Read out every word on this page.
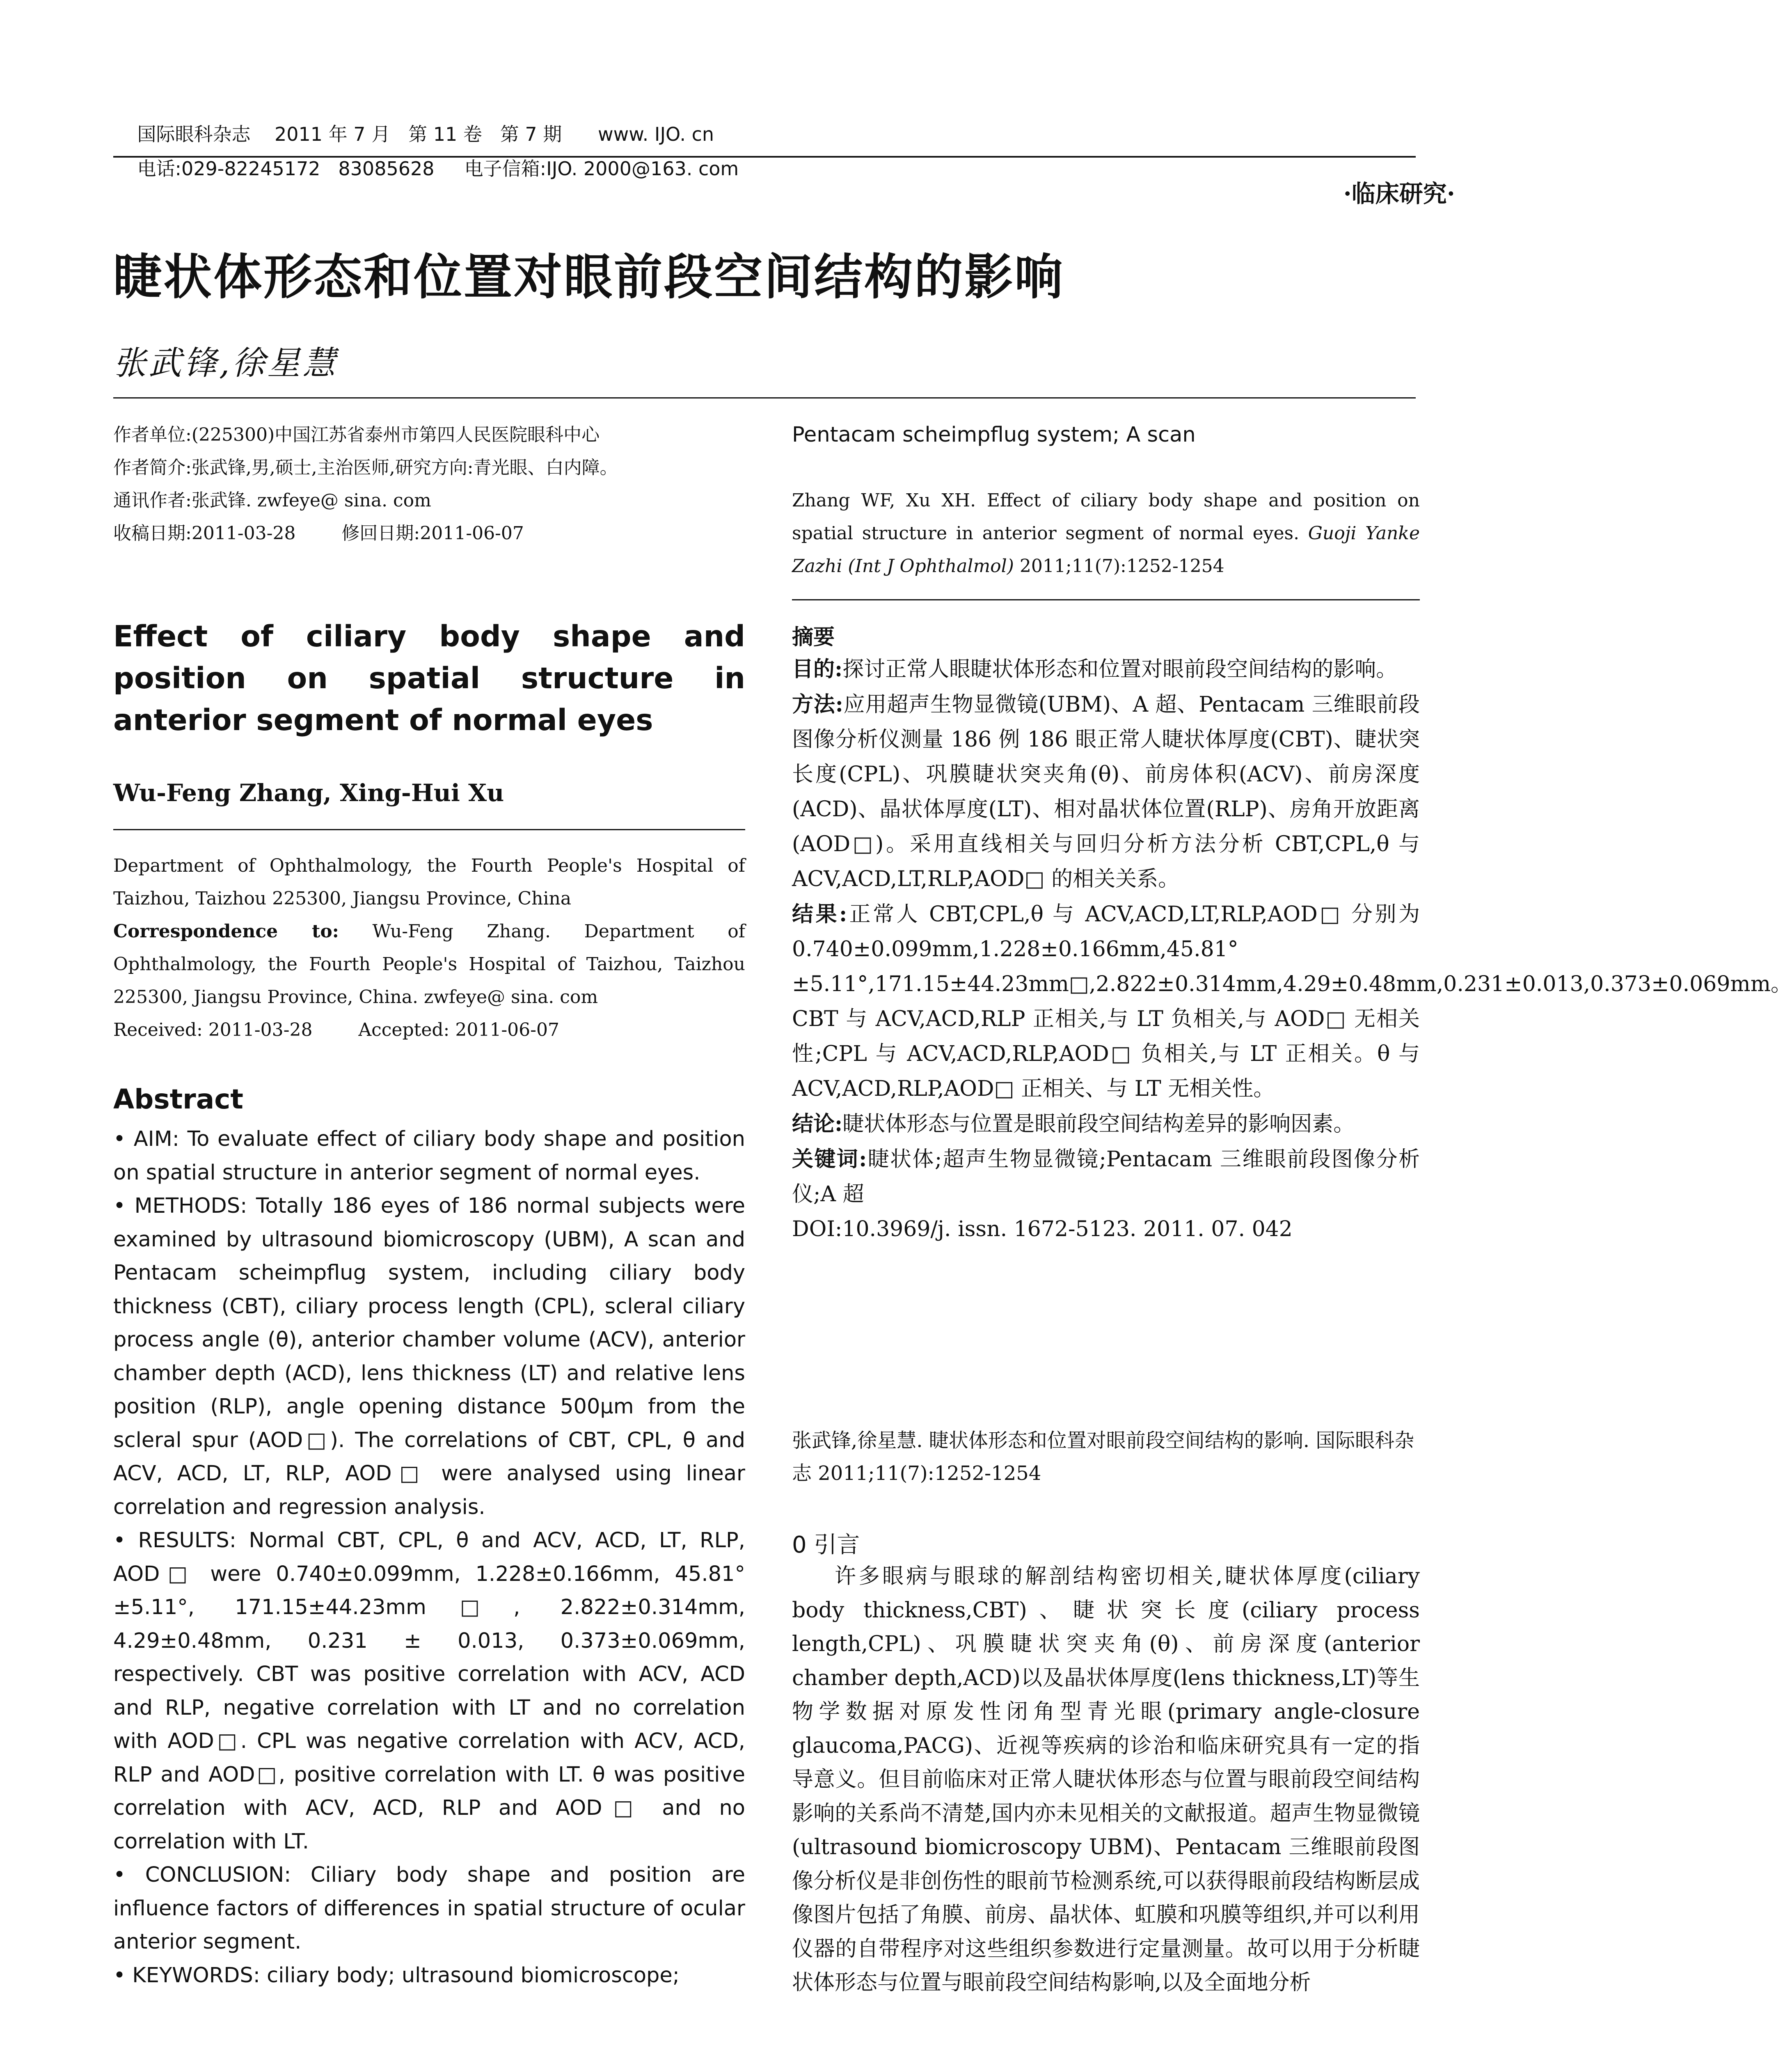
国际眼科杂志 2011 年 7 月 第 11 卷 第 7 期 www. IJO. cn

电话:029-82245172   83085628 电子信箱:IJO. 2000@163. com

·临床研究·
睫状体形态和位置对眼前段空间结构的影响
张武锋,徐星慧

作者单位:(225300)中国江苏省泰州市第四人民医院眼科中心

作者简介:张武锋,男,硕士,主治医师,研究方向:青光眼、白内障。

通讯作者:张武锋. zwfeye@ sina. com

收稿日期:2011-03-28        修回日期:2011-06-07

Effect of ciliary body shape and position on spatial structure in anterior segment of normal eyes
Wu-Feng Zhang, Xing-Hui Xu

Department of Ophthalmology, the Fourth People's Hospital of Taizhou, Taizhou 225300, Jiangsu Province, China

Correspondence to: Wu-Feng Zhang. Department of Ophthalmology, the Fourth People's Hospital of Taizhou, Taizhou 225300, Jiangsu Province, China. zwfeye@ sina. com

Received: 2011-03-28        Accepted: 2011-06-07

Abstract

• AIM: To evaluate effect of ciliary body shape and position on spatial structure in anterior segment of normal eyes.

• METHODS: Totally 186 eyes of 186 normal subjects were examined by ultrasound biomicroscopy (UBM), A scan and Pentacam scheimpflug system, including ciliary body thickness (CBT), ciliary process length (CPL), scleral ciliary process angle (θ), anterior chamber volume (ACV), anterior chamber depth (ACD), lens thickness (LT) and relative lens position (RLP), angle opening distance 500μm from the scleral spur (AOD□). The correlations of CBT, CPL, θ and ACV, ACD, LT, RLP, AOD□ were analysed using linear correlation and regression analysis.

• RESULTS: Normal CBT, CPL, θ and ACV, ACD, LT, RLP, AOD□ were 0.740±0.099mm, 1.228±0.166mm, 45.81°±5.11°, 171.15±44.23mm□, 2.822±0.314mm, 4.29±0.48mm, 0.231 ± 0.013, 0.373±0.069mm, respectively. CBT was positive correlation with ACV, ACD and RLP, negative correlation with LT and no correlation with AOD□. CPL was negative correlation with ACV, ACD, RLP and AOD□, positive correlation with LT. θ was positive correlation with ACV, ACD, RLP and AOD□ and no correlation with LT.

• CONCLUSION: Ciliary body shape and position are influence factors of differences in spatial structure of ocular anterior segment.

• KEYWORDS: ciliary body; ultrasound biomicroscope;

Pentacam scheimpflug system; A scan
Zhang WF, Xu XH. Effect of ciliary body shape and position on spatial structure in anterior segment of normal eyes. Guoji Yanke Zazhi (Int J Ophthalmol) 2011;11(7):1252-1254
摘要

目的:探讨正常人眼睫状体形态和位置对眼前段空间结构的影响。

方法:应用超声生物显微镜(UBM)、A 超、Pentacam 三维眼前段图像分析仪测量 186 例 186 眼正常人睫状体厚度(CBT)、睫状突长度(CPL)、巩膜睫状突夹角(θ)、前房体积(ACV)、前房深度(ACD)、晶状体厚度(LT)、相对晶状体位置(RLP)、房角开放距离(AOD□)。采用直线相关与回归分析方法分析 CBT,CPL,θ 与 ACV,ACD,LT,RLP,AOD□ 的相关关系。

结果:正常人 CBT,CPL,θ 与 ACV,ACD,LT,RLP,AOD□ 分别为 0.740±0.099mm,1.228±0.166mm,45.81°±5.11°,171.15±44.23mm□,2.822±0.314mm,4.29±0.48mm,0.231±0.013,0.373±0.069mm。CBT 与 ACV,ACD,RLP 正相关,与 LT 负相关,与 AOD□ 无相关性;CPL 与 ACV,ACD,RLP,AOD□ 负相关,与 LT 正相关。θ 与 ACV,ACD,RLP,AOD□ 正相关、与 LT 无相关性。

结论:睫状体形态与位置是眼前段空间结构差异的影响因素。

关键词:睫状体;超声生物显微镜;Pentacam 三维眼前段图像分析仪;A 超

DOI:10.3969/j. issn. 1672-5123. 2011. 07. 042

张武锋,徐星慧. 睫状体形态和位置对眼前段空间结构的影响. 国际眼科杂志 2011;11(7):1252-1254
0 引言
许多眼病与眼球的解剖结构密切相关,睫状体厚度(ciliary body thickness,CBT)、睫状突长度(ciliary process length,CPL)、巩膜睫状突夹角(θ)、前房深度(anterior chamber depth,ACD)以及晶状体厚度(lens thickness,LT)等生物学数据对原发性闭角型青光眼(primary angle-closure glaucoma,PACG)、近视等疾病的诊治和临床研究具有一定的指导意义。但目前临床对正常人睫状体形态与位置与眼前段空间结构影响的关系尚不清楚,国内亦未见相关的文献报道。超声生物显微镜(ultrasound biomicroscopy UBM)、Pentacam 三维眼前段图像分析仪是非创伤性的眼前节检测系统,可以获得眼前段结构断层成像图片包括了角膜、前房、晶状体、虹膜和巩膜等组织,并可以利用仪器的自带程序对这些组织参数进行定量测量。故可以用于分析睫状体形态与位置与眼前段空间结构影响,以及全面地分析
